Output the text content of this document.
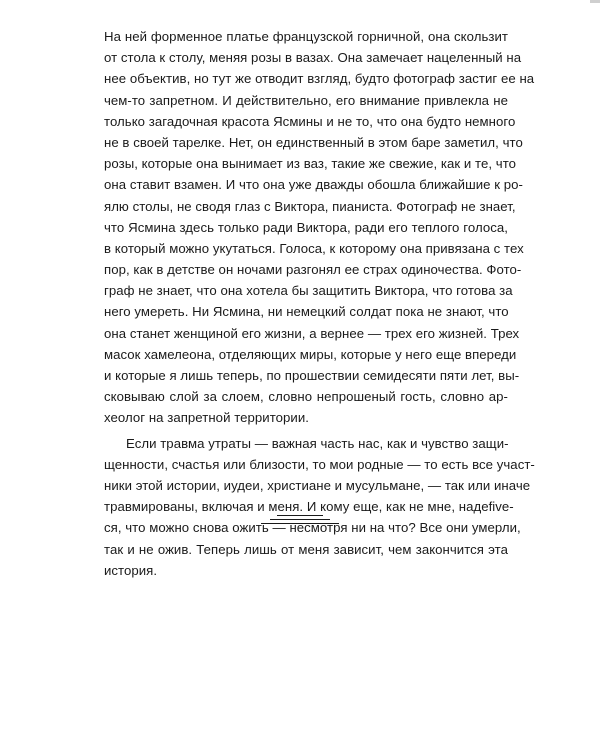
На ней форменное платье французской горничной, она скользит
от стола к столу, меняя розы в вазах. Она замечает нацеленный на
нее объектив, но тут же отводит взгляд, будто фотограф застиг ее на
чем-то запретном. И действительно, его внимание привлекла не
только загадочная красота Ясмины и не то, что она будто немного
не в своей тарелке. Нет, он единственный в этом баре заметил, что
розы, которые она вынимает из ваз, такие же свежие, как и те, что
она ставит взамен. И что она уже дважды обошла ближайшие к ро-
ялю столы, не сводя глаз с Виктора, пианиста. Фотограф не знает,
что Ясмина здесь только ради Виктора, ради его теплого голоса,
в который можно укутаться. Голоса, к которому она привязана с тех
пор, как в детстве он ночами разгонял ее страх одиночества. Фото-
граф не знает, что она хотела бы защитить Виктора, что готова за
него умереть. Ни Ясмина, ни немецкий солдат пока не знают, что
она станет женщиной его жизни, а вернее — трех его жизней. Трех
масок хамелеона, отделяющих миры, которые у него еще впереди
и которые я лишь теперь, по прошествии семидесяти пяти лет, вы-
сковываю слой за слоем, словно непрошеный гость, словно ар-
хеолог на запретной территории.
Если травма утраты — важная часть нас, как и чувство защи-
щенности, счастья или близости, то мои родные — то есть все участ-
ники этой истории, иудеи, христиане и мусульмане, — так или иначе
травмированы, включая и меня. И кому еще, как не мне, надеfive-
ся, что можно снова ожить — несмотря ни на что? Все они умерли,
так и не ожив. Теперь лишь от меня зависит, чем закончится эта
история.
